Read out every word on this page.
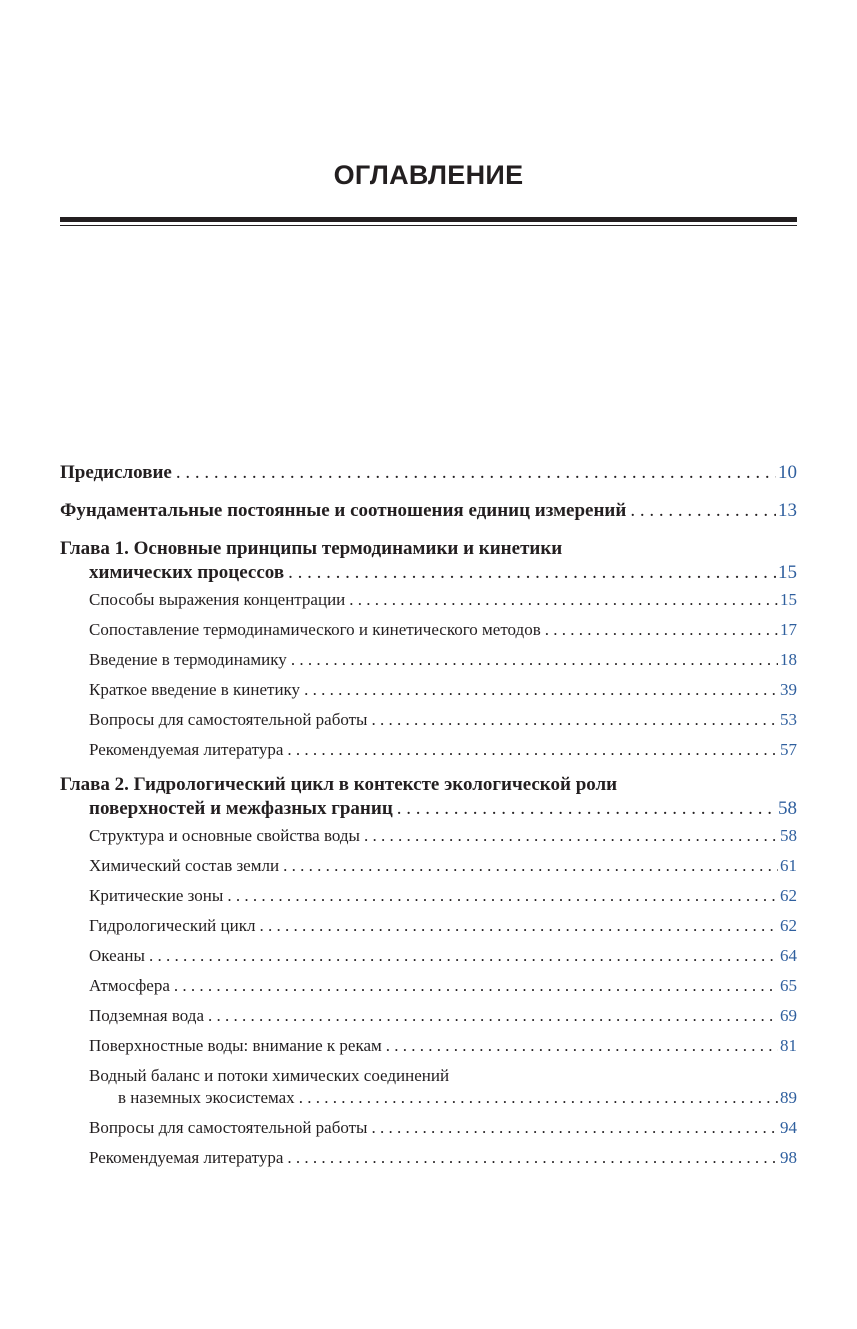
ОГЛАВЛЕНИЕ
Предисловие . . .	10
Фундаментальные постоянные и соотношения единиц измерений . . .	13
Глава 1. Основные принципы термодинамики и кинетики
химических процессов . . .	15
Способы выражения концентрации . . .	15
Сопоставление термодинамического и кинетического методов . . .	17
Введение в термодинамику . . .	18
Краткое введение в кинетику . . .	39
Вопросы для самостоятельной работы . . .	53
Рекомендуемая литература . . .	57
Глава 2. Гидрологический цикл в контексте экологической роли
поверхностей и межфазных границ . . .	58
Структура и основные свойства воды . . .	58
Химический состав земли . . .	61
Критические зоны . . .	62
Гидрологический цикл . . .	62
Океаны . . .	64
Атмосфера . . .	65
Подземная вода . . .	69
Поверхностные воды: внимание к рекам . . .	81
Водный баланс и потоки химических соединений
в наземных экосистемах . . .	89
Вопросы для самостоятельной работы . . .	94
Рекомендуемая литература . . .	98
